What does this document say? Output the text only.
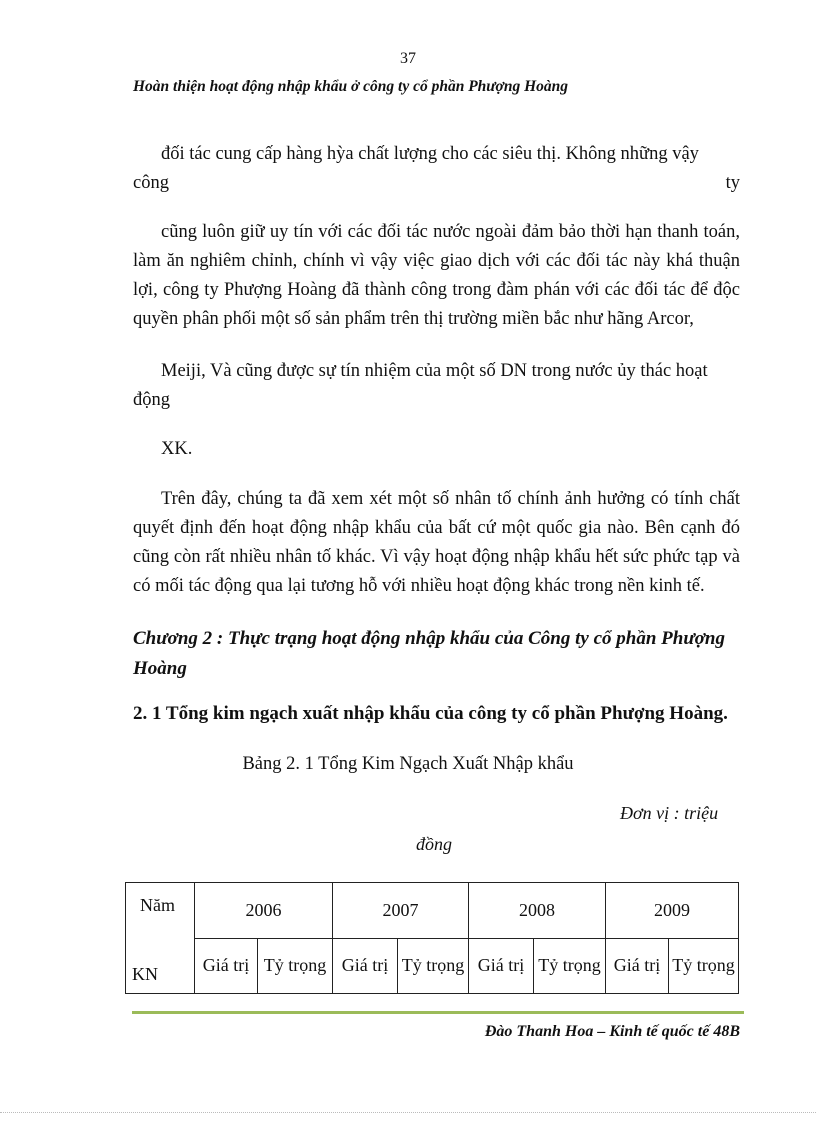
37
Hoàn thiện hoạt động nhập khẩu ở công ty cổ phần Phượng Hoàng
đối tác cung cấp hàng hỳa chất lượng cho các siêu thị. Không những vậy
công	ty
cũng luôn giữ uy tín với các đối tác nước ngoài đảm bảo thời hạn thanh toán, làm ăn nghiêm chỉnh, chính vì vậy việc giao dịch với các đối tác này khá thuận lợi, công ty Phượng Hoàng đã thành công trong đàm phán với các đối tác để độc quyền phân phối một số sản phẩm trên thị trường miền bắc như hãng Arcor,
Meiji, Và cũng được sự tín nhiệm của một số DN trong nước ủy thác hoạt động
XK.
Trên đây, chúng ta đã xem xét một số nhân tố chính ảnh hưởng có tính chất quyết định đến hoạt động nhập khẩu của bất cứ một quốc gia nào. Bên cạnh đó cũng còn rất nhiều nhân tố khác. Vì vậy hoạt động nhập khẩu hết sức phức tạp và có mối tác động qua lại tương hỗ với nhiều hoạt động khác trong nền kinh tế.
Chương 2 : Thực trạng hoạt động nhập khẩu của Công ty cổ phần Phượng Hoàng
2. 1 Tổng kim ngạch xuất nhập khẩu của công ty cổ phần Phượng Hoàng.
Bảng 2. 1 Tổng Kim Ngạch Xuất Nhập khẩu
Đơn vị : triệu
đồng
Năm
KN	2006		2007		2008		2009	
	Giá trị	Tỷ trọng	Giá trị	Tỷ trọng	Giá trị	Tỷ trọng	Giá trị	Tỷ trọng
Đào Thanh Hoa – Kinh tế quốc tế 48B
